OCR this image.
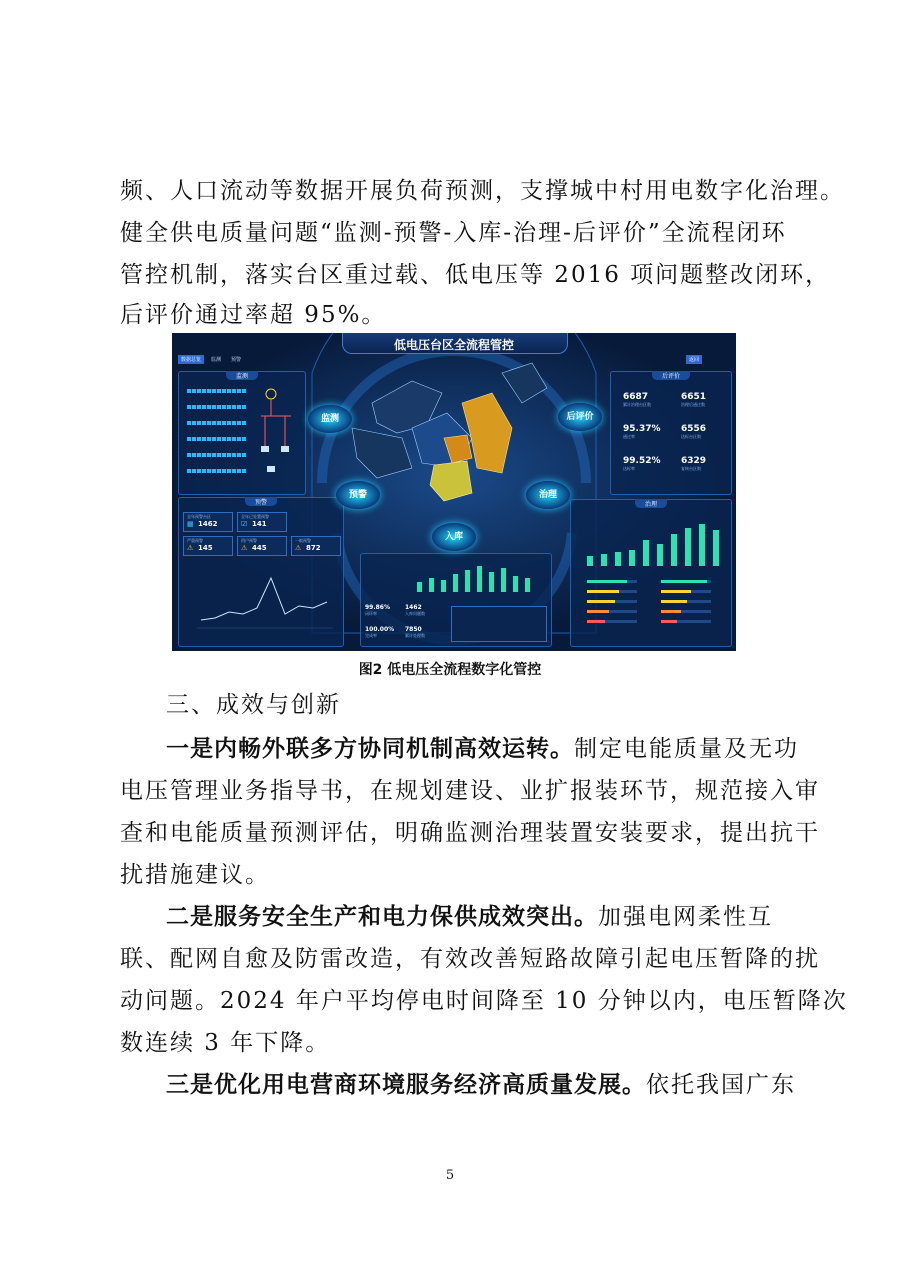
频、人口流动等数据开展负荷预测，支撑城中村用电数字化治理。
健全供电质量问题“监测-预警-入库-治理-后评价”全流程闭环
管控机制，落实台区重过载、低电压等 2016 项问题整改闭环，
后评价通过率超 95%。
低电压台区全流程管控
数据总览	监测	预警	返回
监测
预警
全年预警台区
▦ 1462
全年已处置预警
☑ 141
严重预警
⚠ 145
用户预警
⚠ 445
一般预警
⚠ 872
后评价
6687
累计治理台区数
6651
治理后通过数
95.37%
通过率
6556
达标台区数
99.52%
达标率
6329
复核台区数
治理
99.86%
闭环率
1462
入库问题数
100.00%
完成率
7850
累计处理数
监测	后评价
预警	治理
入库
图2 低电压全流程数字化管控
三、成效与创新
一是内畅外联多方协同机制高效运转。制定电能质量及无功
电压管理业务指导书，在规划建设、业扩报装环节，规范接入审
查和电能质量预测评估，明确监测治理装置安装要求，提出抗干
扰措施建议。
二是服务安全生产和电力保供成效突出。加强电网柔性互
联、配网自愈及防雷改造，有效改善短路故障引起电压暂降的扰
动问题。2024 年户平均停电时间降至 10 分钟以内，电压暂降次
数连续 3 年下降。
三是优化用电营商环境服务经济高质量发展。依托我国广东
5
